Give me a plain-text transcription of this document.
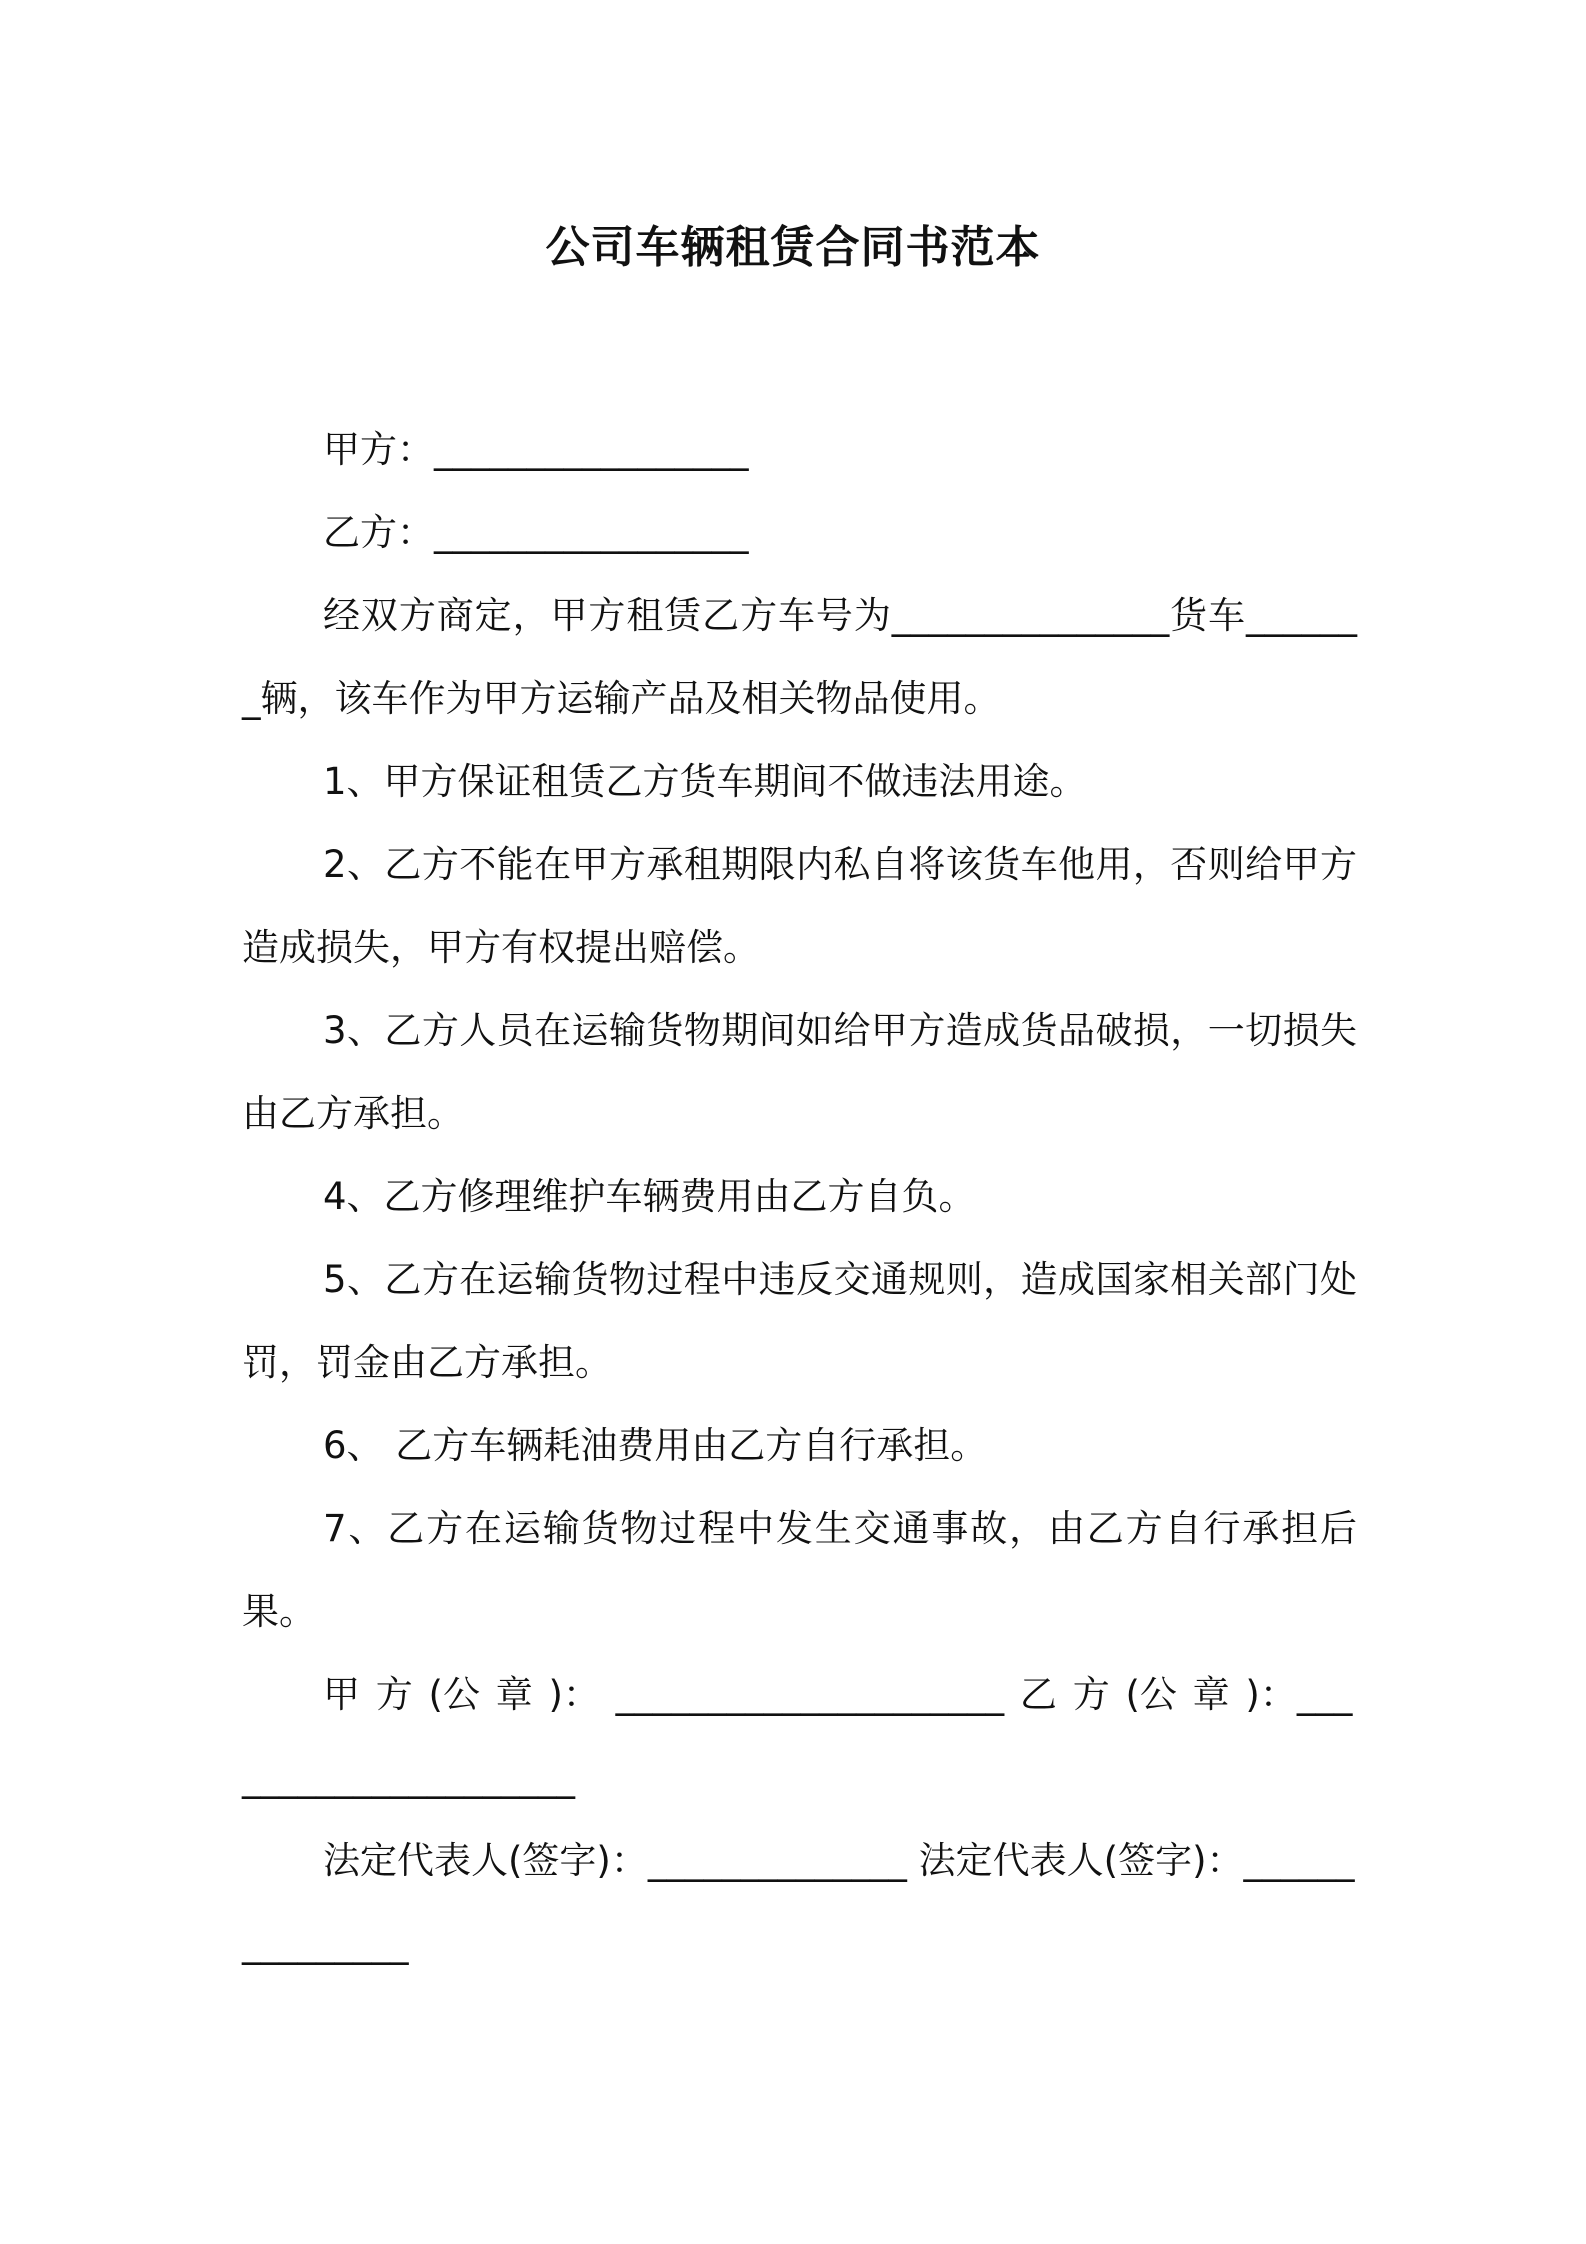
公司车辆租赁合同书范本

甲方：_________________

乙方：_________________

经双方商定，甲方租赁乙方车号为_______________货车_______辆，该车作为甲方运输产品及相关物品使用。

1、甲方保证租赁乙方货车期间不做违法用途。

2、乙方不能在甲方承租期限内私自将该货车他用，否则给甲方造成损失，甲方有权提出赔偿。

3、乙方人员在运输货物期间如给甲方造成货品破损，一切损失由乙方承担。

4、乙方修理维护车辆费用由乙方自负。

5、乙方在运输货物过程中违反交通规则，造成国家相关部门处罚，罚金由乙方承担。

6、 乙方车辆耗油费用由乙方自行承担。

7、乙方在运输货物过程中发生交通事故，由乙方自行承担后果。

甲 方 (公 章 )： _____________________ 乙 方 (公 章 )：_____________________

法定代表人(签字)：______________ 法定代表人(签字)：_______________
